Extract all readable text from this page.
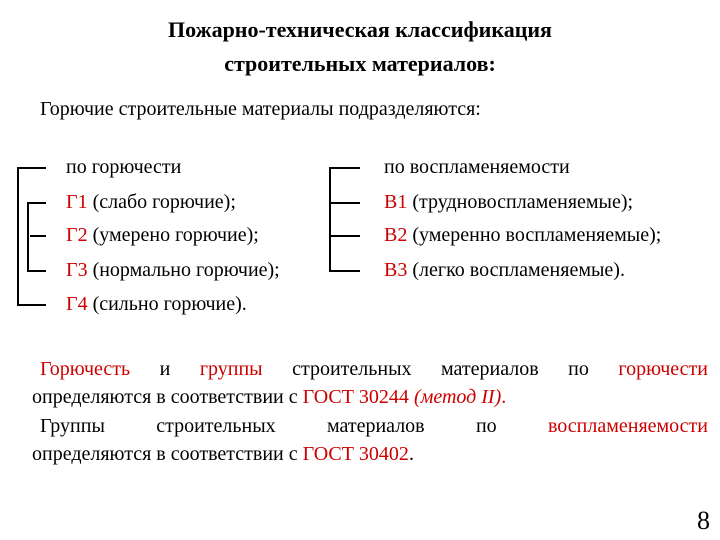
Пожарно-техническая классификация
строительных материалов:
Горючие строительные материалы подразделяются:
по горючести
Г1 (слабо горючие);
Г2 (умерено горючие);
Г3 (нормально горючие);
Г4 (сильно горючие).
по воспламеняемости
В1 (трудновоспламеняемые);
В2 (умеренно воспламеняемые);
В3 (легко воспламеняемые).
Горючесть и группы строительных материалов по горючести
определяются в соответствии с ГОСТ 30244 (метод II).
Группы строительных материалов по воспламеняемости
определяются в соответствии с ГОСТ 30402.
8
